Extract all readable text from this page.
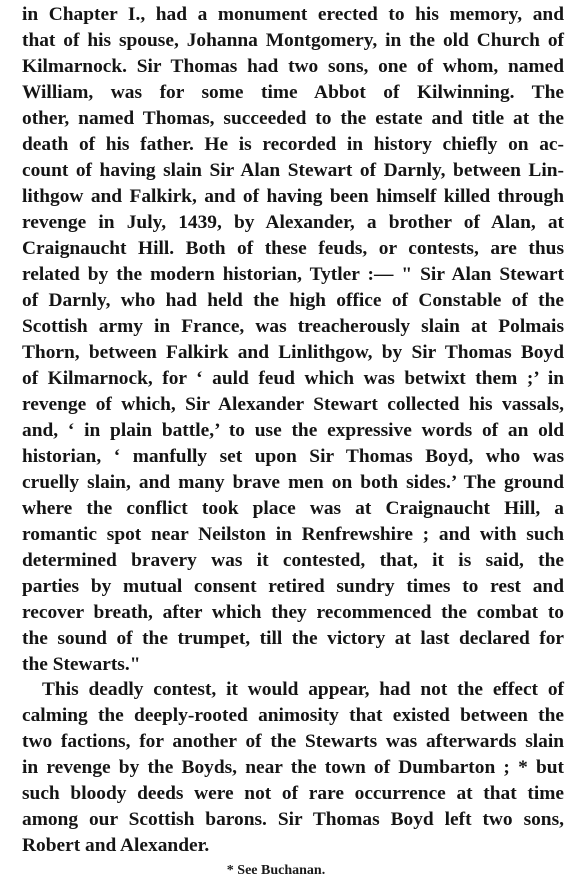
in Chapter I., had a monument erected to his memory, and
that of his spouse, Johanna Montgomery, in the old Church of
Kilmarnock. Sir Thomas had two sons, one of whom, named
William, was for some time Abbot of Kilwinning. The
other, named Thomas, succeeded to the estate and title at the
death of his father. He is recorded in history chiefly on ac-
count of having slain Sir Alan Stewart of Darnly, between Lin-
lithgow and Falkirk, and of having been himself killed through
revenge in July, 1439, by Alexander, a brother of Alan, at
Craignaucht Hill. Both of these feuds, or contests, are thus
related by the modern historian, Tytler :— " Sir Alan Stewart
of Darnly, who had held the high office of Constable of the
Scottish army in France, was treacherously slain at Polmais
Thorn, between Falkirk and Linlithgow, by Sir Thomas Boyd
of Kilmarnock, for ‘ auld feud which was betwixt them ;’ in
revenge of which, Sir Alexander Stewart collected his vassals,
and, ‘ in plain battle,’ to use the expressive words of an old
historian, ‘ manfully set upon Sir Thomas Boyd, who was
cruelly slain, and many brave men on both sides.’ The ground
where the conflict took place was at Craignaucht Hill, a
romantic spot near Neilston in Renfrewshire ; and with such
determined bravery was it contested, that, it is said, the
parties by mutual consent retired sundry times to rest and
recover breath, after which they recommenced the combat to
the sound of the trumpet, till the victory at last declared for
the Stewarts."
This deadly contest, it would appear, had not the effect of
calming the deeply-rooted animosity that existed between the
two factions, for another of the Stewarts was afterwards slain
in revenge by the Boyds, near the town of Dumbarton ; * but
such bloody deeds were not of rare occurrence at that time
among our Scottish barons. Sir Thomas Boyd left two sons,
Robert and Alexander.
* See Buchanan.
